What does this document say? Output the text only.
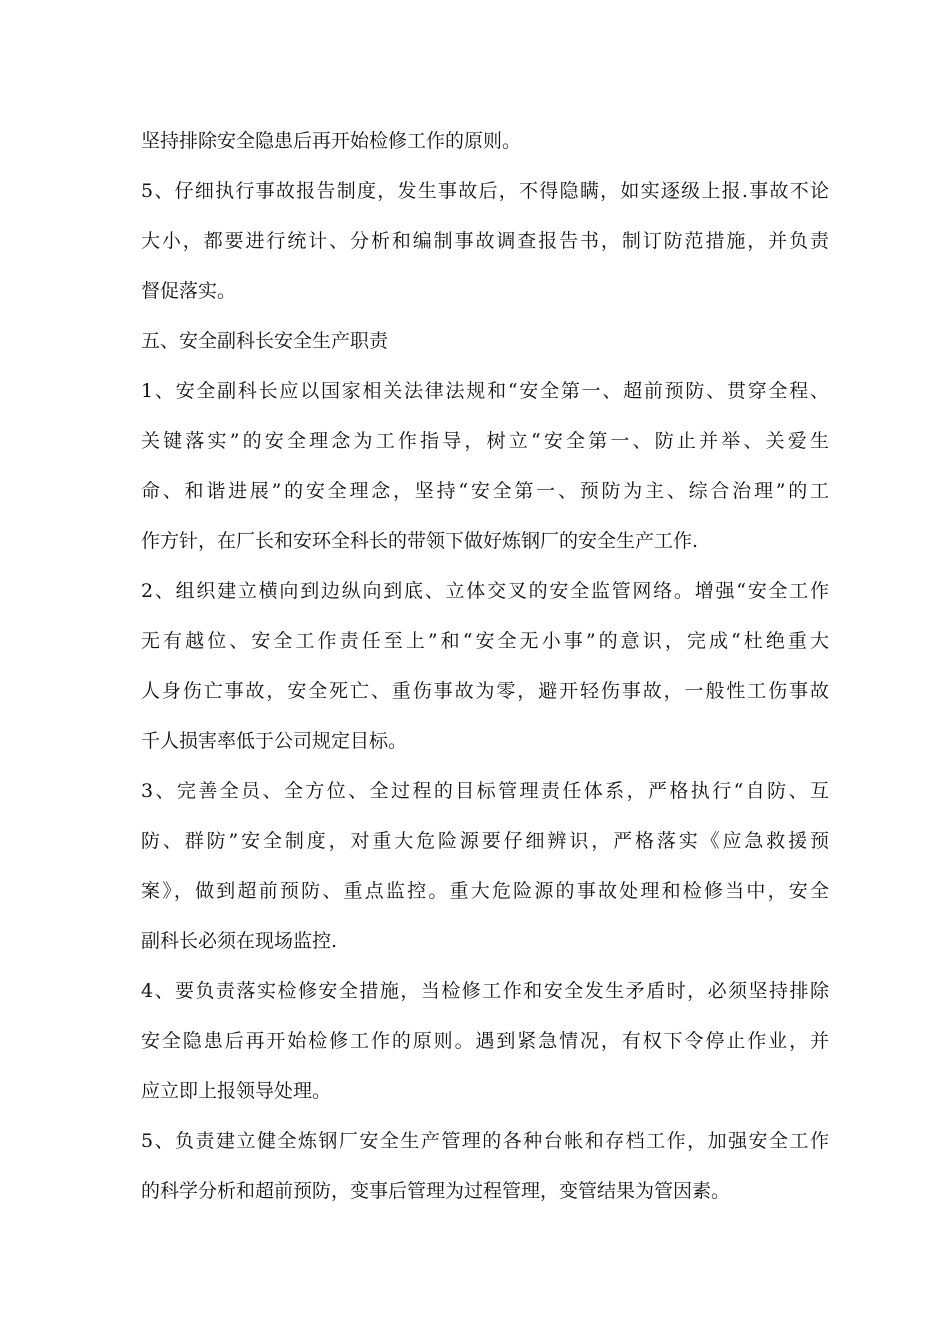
坚持排除安全隐患后再开始检修工作的原则。
5、仔细执行事故报告制度，发生事故后，不得隐瞒，如实逐级上报.事故不论
大小，都要进行统计、分析和编制事故调查报告书，制订防范措施，并负责
督促落实。
五、安全副科长安全生产职责
1、安全副科长应以国家相关法律法规和“安全第一、超前预防、贯穿全程、
关键落实”的安全理念为工作指导，树立“安全第一、防止并举、关爱生
命、和谐进展”的安全理念，坚持“安全第一、预防为主、综合治理”的工
作方针，在厂长和安环全科长的带领下做好炼钢厂的安全生产工作.
2、组织建立横向到边纵向到底、立体交叉的安全监管网络。增强“安全工作
无有越位、安全工作责任至上”和“安全无小事”的意识，完成“杜绝重大
人身伤亡事故，安全死亡、重伤事故为零，避开轻伤事故，一般性工伤事故
千人损害率低于公司规定目标。
3、完善全员、全方位、全过程的目标管理责任体系，严格执行“自防、互
防、群防”安全制度，对重大危险源要仔细辨识，严格落实《应急救援预
案》，做到超前预防、重点监控。重大危险源的事故处理和检修当中，安全
副科长必须在现场监控.
4、要负责落实检修安全措施，当检修工作和安全发生矛盾时，必须坚持排除
安全隐患后再开始检修工作的原则。遇到紧急情况，有权下令停止作业，并
应立即上报领导处理。
5、负责建立健全炼钢厂安全生产管理的各种台帐和存档工作，加强安全工作
的科学分析和超前预防，变事后管理为过程管理，变管结果为管因素。
